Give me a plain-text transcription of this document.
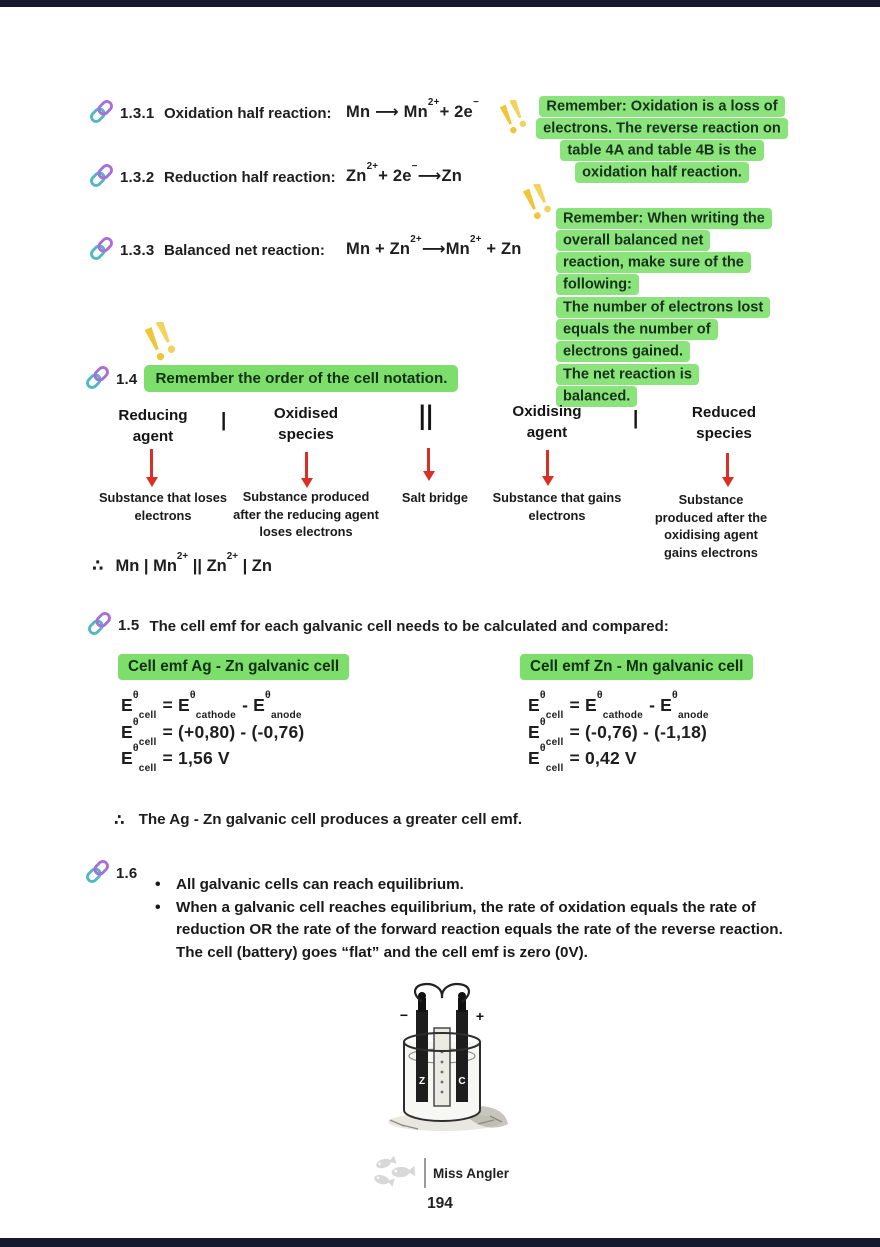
1.3.1 Oxidation half reaction: Mn ⟶ $Mn^{2+}+ 2e^-$
1.3.2 Reduction half reaction: $Zn^{2+}+$ 2e−⟶Zn
1.3.3 Balanced net reaction:	$Mn + Zn^{2+}⟶Mn^{2+} + Zn$
Remember: Oxidation is a loss of electrons. The reverse reaction on table 4A and table 4B is the oxidation half reaction.
Remember: When writing the overall balanced net reaction, make sure of the following:
The number of electrons lost equals the number of electrons gained.
The net reaction is balanced.
1.4	Remember the order of the cell notation.
Reducing agent
|	Oxidised species
||	Oxidising agent
|	Reduced species
Substance that loses electrons
Substance produced after the reducing agent loses electrons
Salt bridge	Substance that gains electrons
Substance produced after the oxidising agent gains electrons
∴ Mn | $Mn^{2+}$ || $Zn^{2+}$ | Zn
1.5 The cell emf for each galvanic cell needs to be calculated and compared:
Cell emf Ag - Zn galvanic cell	Cell emf Zn - Mn galvanic cell
$E^\theta_{cell} = E^\theta_{cathode} - E^\theta_{anode}$
$E^\theta_{cell} = (+0,80) - (-0,76)$
$E^\theta_{cell} = 1,56$ V
$E^\theta_{cell} = E^\theta_{cathode} - E^\theta_{anode}$
$E^\theta_{cell} = (-0,76) - (-1,18)$
$E^\theta_{cell} = 0,42$ V
∴ The Ag - Zn galvanic cell produces a greater cell emf.
1.6
• All galvanic cells can reach equilibrium.
• When a galvanic cell reaches equilibrium, the rate of oxidation equals the rate of reduction OR the rate of the forward reaction equals the rate of the reverse reaction. The cell (battery) goes “flat” and the cell emf is zero (0V).
Z	C
−	+
Miss Angler
194
